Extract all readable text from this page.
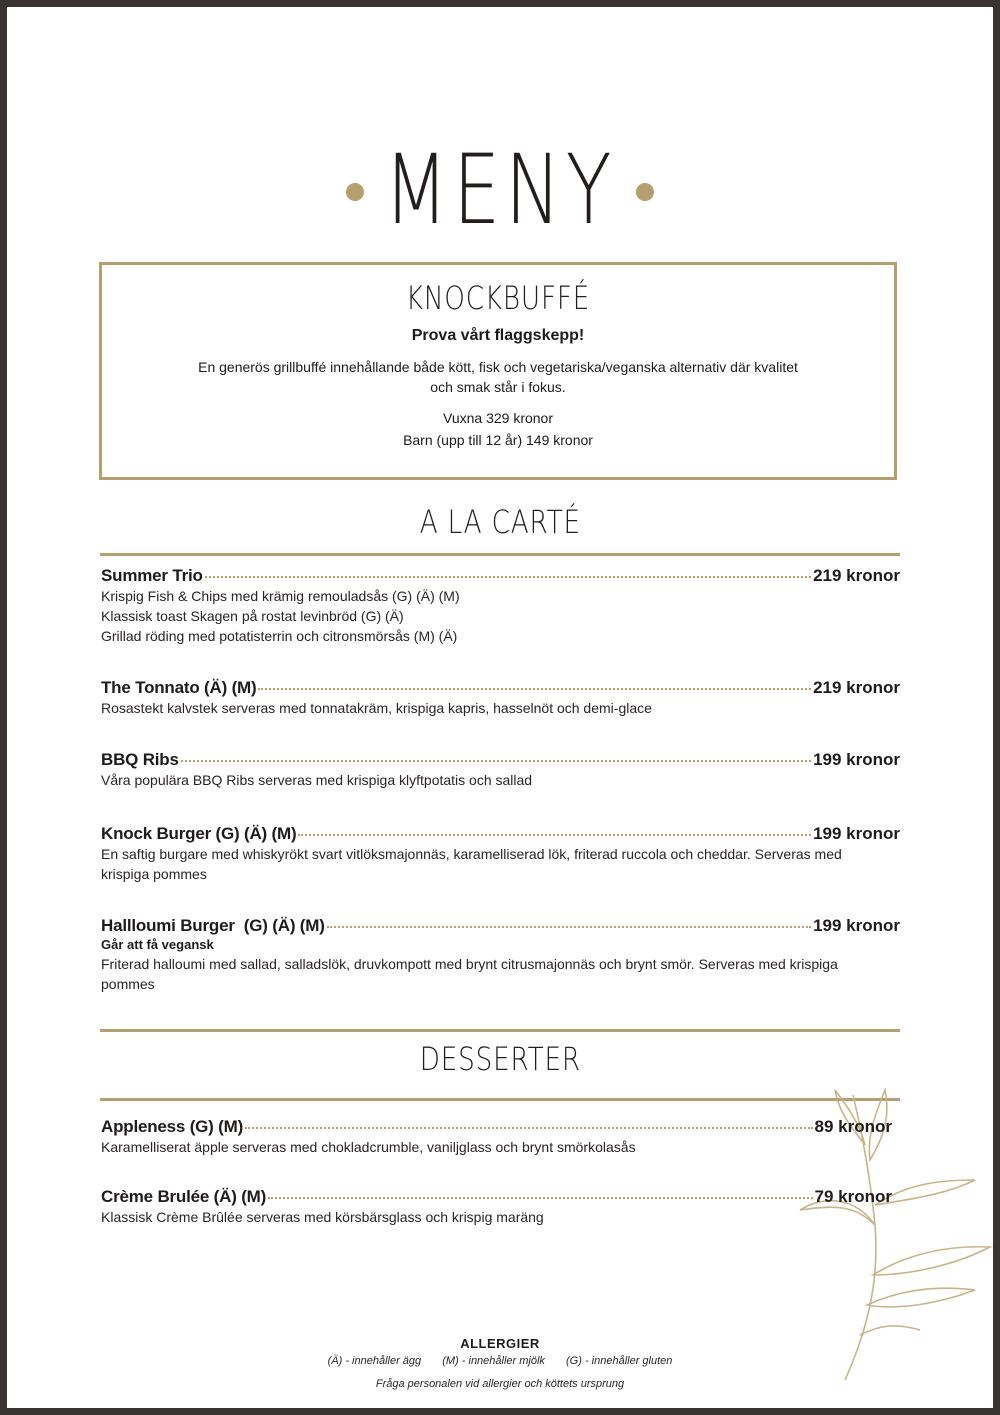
MENY
KNOCKBUFFÉ
Prova vårt flaggskepp!
En generös grillbuffé innehållande både kött, fisk och vegetariska/veganska alternativ där kvalitet och smak står i fokus.
Vuxna 329 kronor
Barn (upp till 12 år) 149 kronor
A LA CARTÉ
Summer Trio	219 kronor
Krispig Fish & Chips med krämig remouladsås (G) (Ä) (M)
Klassisk toast Skagen på rostat levinbröd (G) (Ä)
Grillad röding med potatisterrin och citronsmörsås (M) (Ä)
The Tonnato (Ä) (M)	219 kronor
Rosastekt kalvstek serveras med tonnatakräm, krispiga kapris, hasselnöt och demi-glace
BBQ Ribs	199 kronor
Våra populära BBQ Ribs serveras med krispiga klyftpotatis och sallad
Knock Burger (G) (Ä) (M)	199 kronor
En saftig burgare med whiskyrökt svart vitlöksmajonnäs, karamelliserad lök, friterad ruccola och cheddar. Serveras med
krispiga pommes
Hallloumi Burger  (G) (Ä) (M)	199 kronor
Går att få vegansk
Friterad halloumi med sallad, salladslök, druvkompott med brynt citrusmajonnäs och brynt smör. Serveras med krispiga
pommes
DESSERTER
Appleness (G) (M)	89 kronor
Karamelliserat äpple serveras med chokladcrumble, vaniljglass och brynt smörkolasås
Crème Brulée (Ä) (M)	79 kronor
Klassisk Crème Brûlée serveras med körsbärsglass och krispig maräng
ALLERGIER
(Ä) - innehåller ägg (M) - innehåller mjölk (G) - innehåller gluten
Fråga personalen vid allergier och köttets ursprung
